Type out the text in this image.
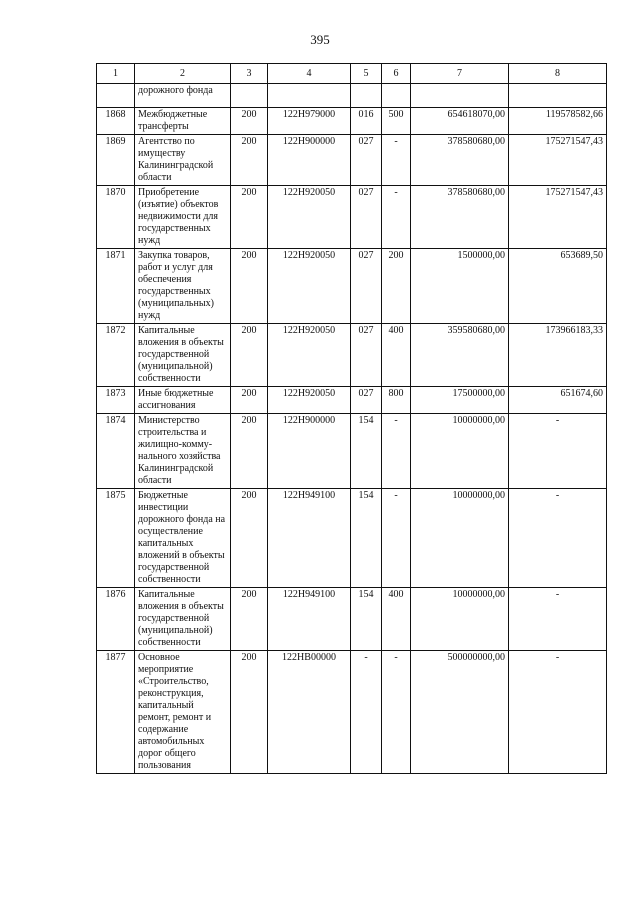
395
1	2	3	4	5	6	7	8
	дорожного фонда						
1868	Межбюджетные трансферты	200	122Н979000	016	500	654618070,00	119578582,66
1869	Агентство по имуществу Калининградской области	200	122Н900000	027	-	378580680,00	175271547,43
1870	Приобретение (изъятие) объектов недвижимости для государственных нужд	200	122Н920050	027	-	378580680,00	175271547,43
1871	Закупка товаров, работ и услуг для обеспечения государственных (муниципальных) нужд	200	122Н920050	027	200	1500000,00	653689,50
1872	Капитальные вложения в объекты государственной (муниципальной) собственности	200	122Н920050	027	400	359580680,00	173966183,33
1873	Иные бюджетные ассигнования	200	122Н920050	027	800	17500000,00	651674,60
1874	Министерство строительства и жилищно-комму-нального хозяйства Калининградской области	200	122Н900000	154	-	10000000,00	-
1875	Бюджетные инвестиции дорожного фонда на осуществление капитальных вложений в объекты государственной собственности	200	122Н949100	154	-	10000000,00	-
1876	Капитальные вложения в объекты государственной (муниципальной) собственности	200	122Н949100	154	400	10000000,00	-
1877	Основное мероприятие «Строительство, реконструкция, капитальный ремонт, ремонт и содержание автомобильных дорог общего пользования	200	122НВ00000	-	-	500000000,00	-
